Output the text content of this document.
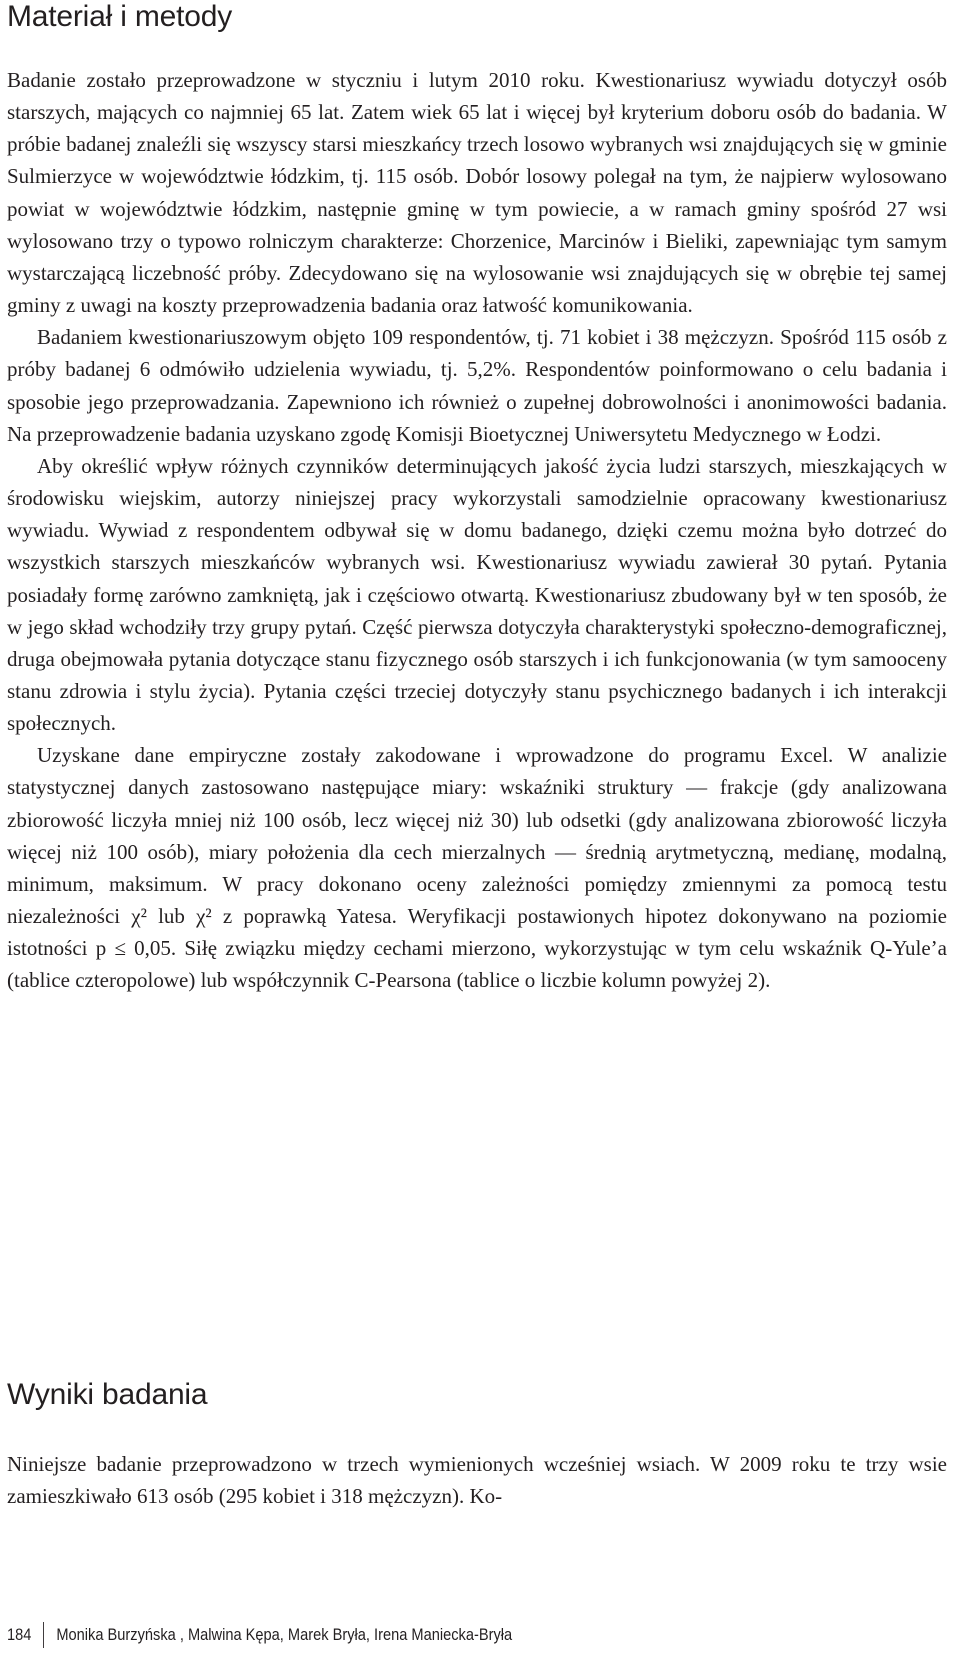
Materiał i metody

Badanie zostało przeprowadzone w styczniu i lutym 2010 roku. Kwestionariusz wywiadu dotyczył osób starszych, mających co najmniej 65 lat. Zatem wiek 65 lat i więcej był kryterium doboru osób do badania. W próbie badanej znaleźli się wszyscy starsi mieszkańcy trzech losowo wybranych wsi znajdujących się w gminie Sulmierzyce w województwie łódzkim, tj. 115 osób. Dobór losowy polegał na tym, że najpierw wylosowano powiat w województwie łódzkim, następnie gminę w tym powiecie, a w ramach gminy spośród 27 wsi wylosowano trzy o typowo rolniczym charakterze: Chorzenice, Marcinów i Bieliki, zapewniając tym samym wystarczającą liczebność próby. Zdecydowano się na wylosowanie wsi znajdujących się w obrębie tej samej gminy z uwagi na koszty przeprowadzenia badania oraz łatwość komunikowania.

Badaniem kwestionariuszowym objęto 109 respondentów, tj. 71 kobiet i 38 mężczyzn. Spośród 115 osób z próby badanej 6 odmówiło udzielenia wywiadu, tj. 5,2%. Respondentów poinformowano o celu badania i sposobie jego przeprowadzania. Zapewniono ich również o zupełnej dobrowolności i anonimowości badania. Na przeprowadzenie badania uzyskano zgodę Komisji Bioetycznej Uniwersytetu Medycznego w Łodzi.

Aby określić wpływ różnych czynników determinujących jakość życia ludzi starszych, mieszkających w środowisku wiejskim, autorzy niniejszej pracy wykorzystali samodzielnie opracowany kwestionariusz wywiadu. Wywiad z respondentem odbywał się w domu badanego, dzięki czemu można było dotrzeć do wszystkich starszych mieszkańców wybranych wsi. Kwestionariusz wywiadu zawierał 30 pytań. Pytania posiadały formę zarówno zamkniętą, jak i częściowo otwartą. Kwestionariusz zbudowany był w ten sposób, że w jego skład wchodziły trzy grupy pytań. Część pierwsza dotyczyła charakterystyki społeczno-demograficznej, druga obejmowała pytania dotyczące stanu fizycznego osób starszych i ich funkcjonowania (w tym samooceny stanu zdrowia i stylu życia). Pytania części trzeciej dotyczyły stanu psychicznego badanych i ich interakcji społecznych.

Uzyskane dane empiryczne zostały zakodowane i wprowadzone do programu Excel. W analizie statystycznej danych zastosowano następujące miary: wskaźniki struktury — frakcje (gdy analizowana zbiorowość liczyła mniej niż 100 osób, lecz więcej niż 30) lub odsetki (gdy analizowana zbiorowość liczyła więcej niż 100 osób), miary położenia dla cech mierzalnych — średnią arytmetyczną, medianę, modalną, minimum, maksimum. W pracy dokonano oceny zależności pomiędzy zmiennymi za pomocą testu niezależności χ² lub χ² z poprawką Yatesa. Weryfikacji postawionych hipotez dokonywano na poziomie istotności p ≤ 0,05. Siłę związku między cechami mierzono, wykorzystując w tym celu wskaźnik Q-Yule’a (tablice czteropolowe) lub współczynnik C-Pearsona (tablice o liczbie kolumn powyżej 2).

Wyniki badania

Niniejsze badanie przeprowadzono w trzech wymienionych wcześniej wsiach. W 2009 roku te trzy wsie zamieszkiwało 613 osób (295 kobiet i 318 mężczyzn). Ko-

184 Monika Burzyńska , Malwina Kępa, Marek Bryła, Irena Maniecka-Bryła
